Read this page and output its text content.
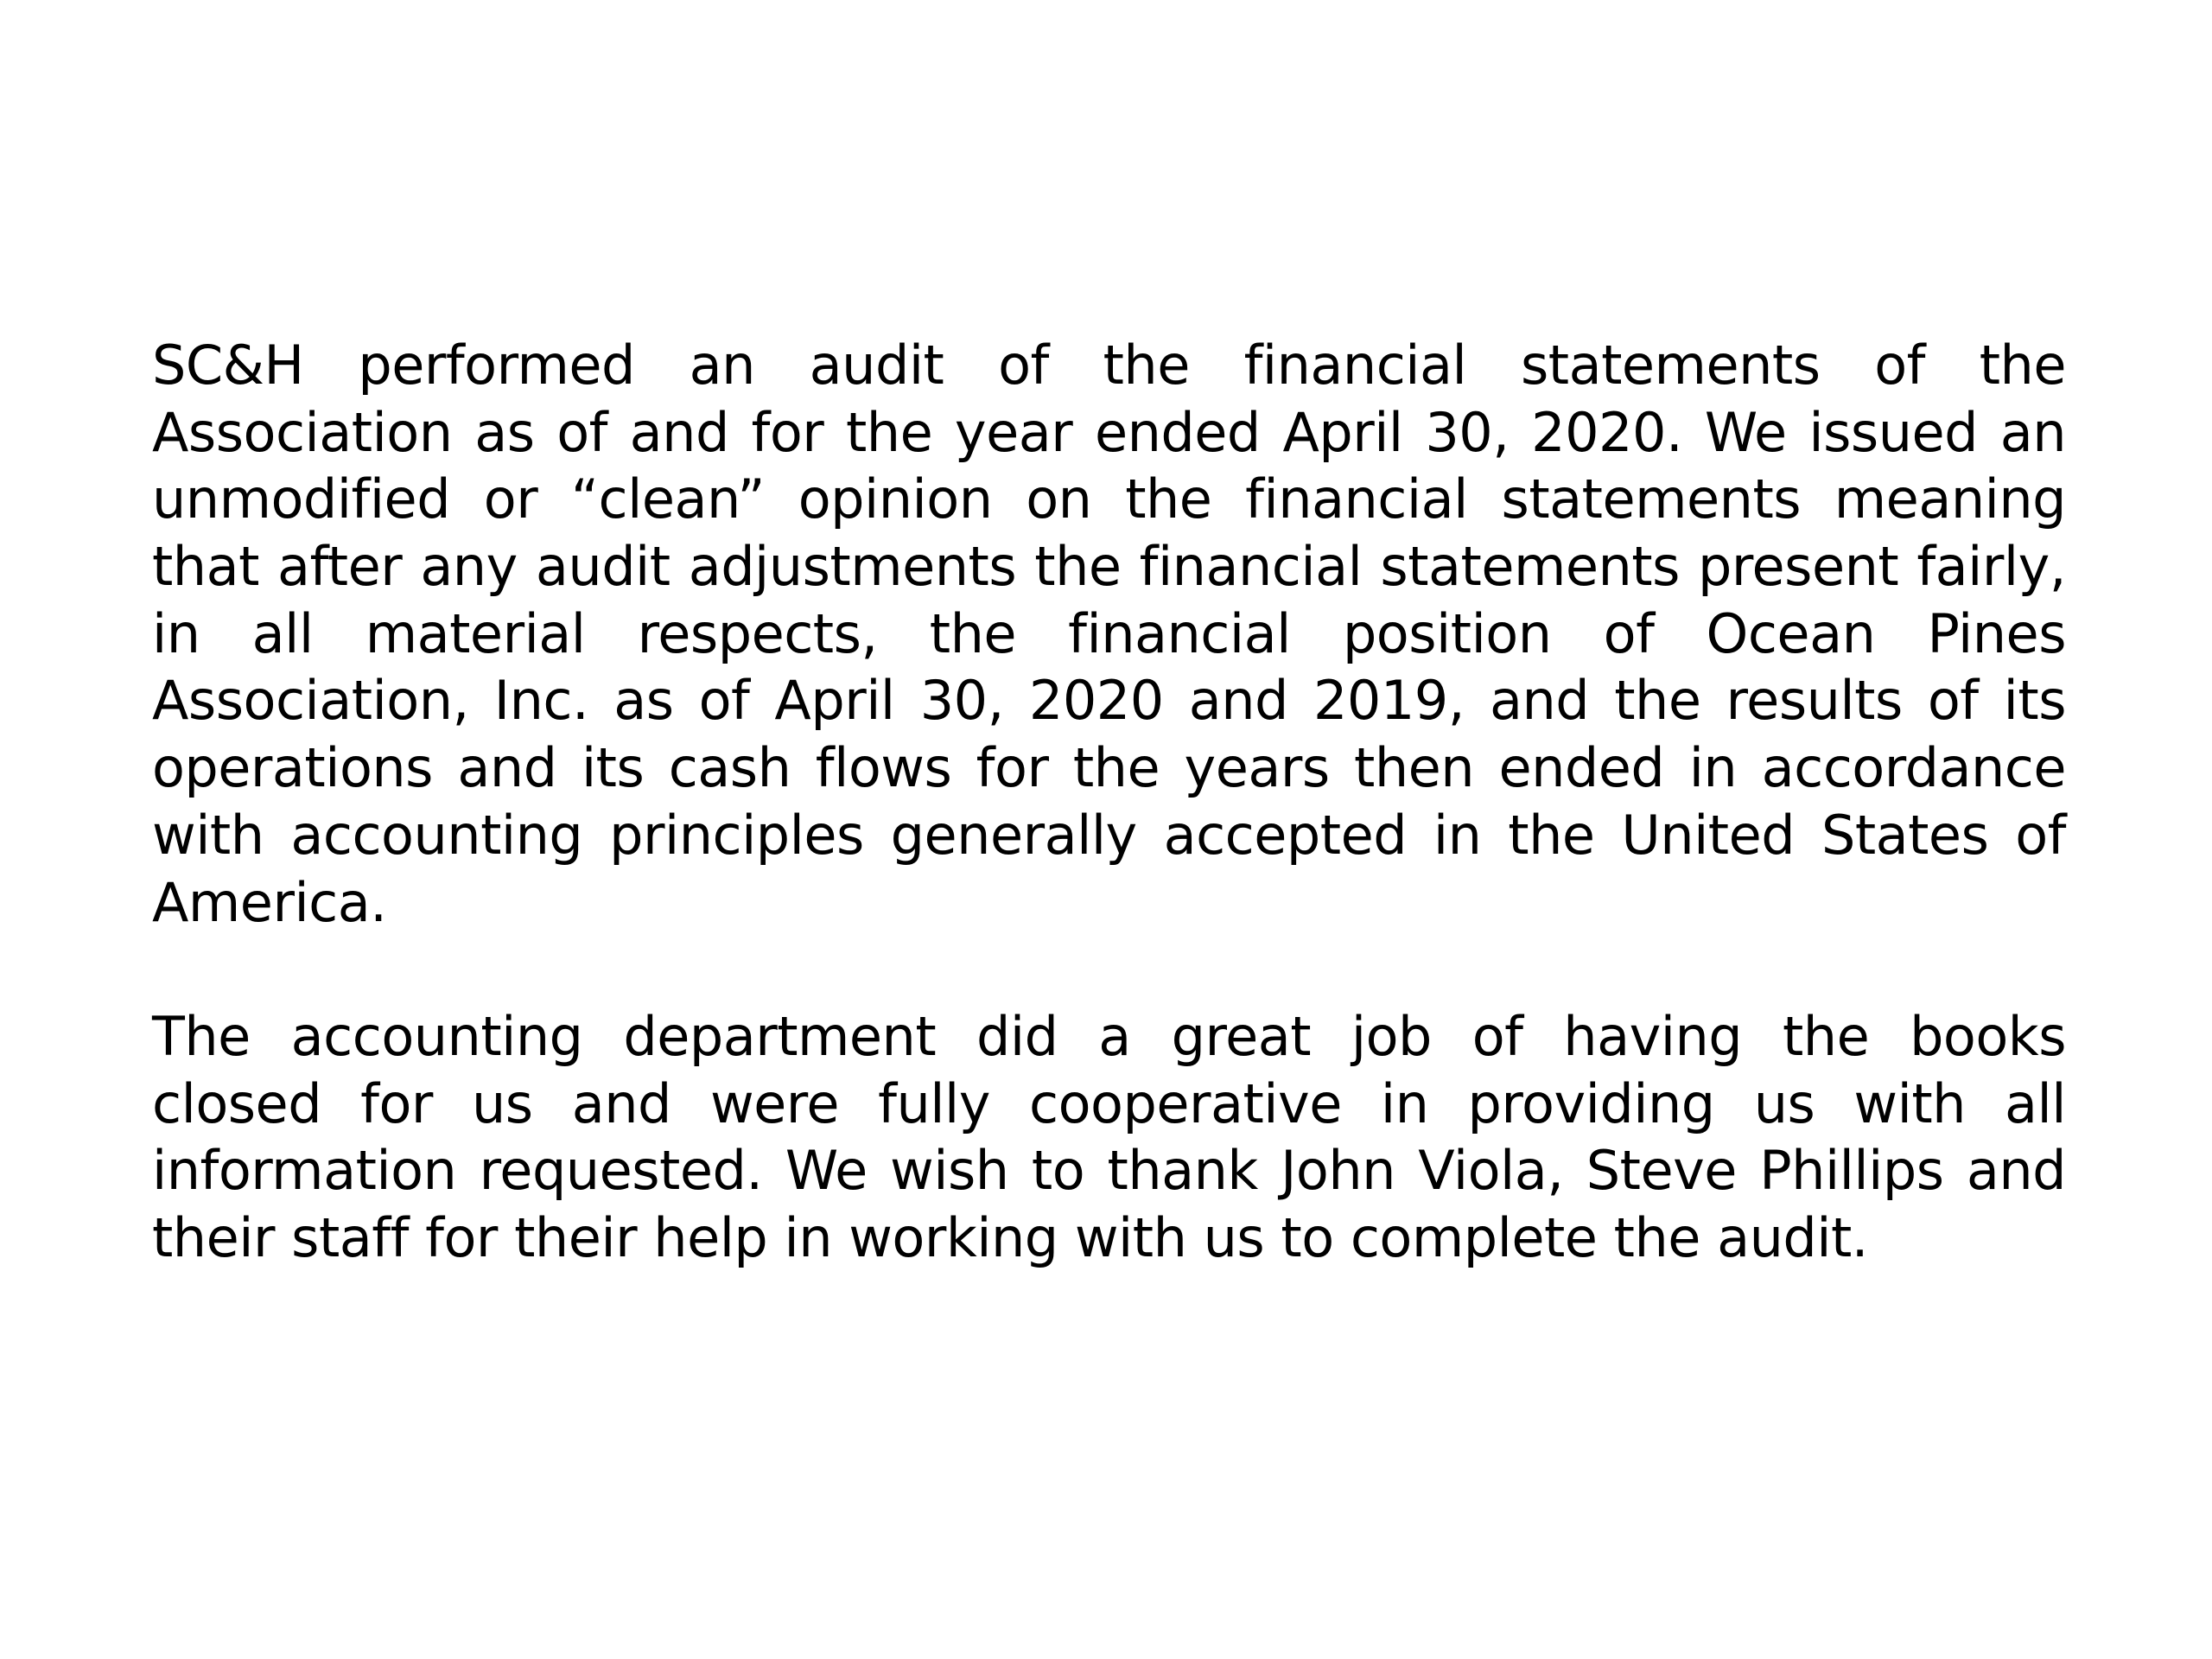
SC&H performed an audit of the financial statements of the
Association as of and for the year ended April 30, 2020. We issued an
unmodified or “clean” opinion on the financial statements meaning
that after any audit adjustments the financial statements present fairly,
in all material respects, the financial position of Ocean Pines
Association, Inc. as of April 30, 2020 and 2019, and the results of its
operations and its cash flows for the years then ended in accordance
with accounting principles generally accepted in the United States of
America.
The accounting department did a great job of having the books
closed for us and were fully cooperative in providing us with all
information requested. We wish to thank John Viola, Steve Phillips and
their staff for their help in working with us to complete the audit.
